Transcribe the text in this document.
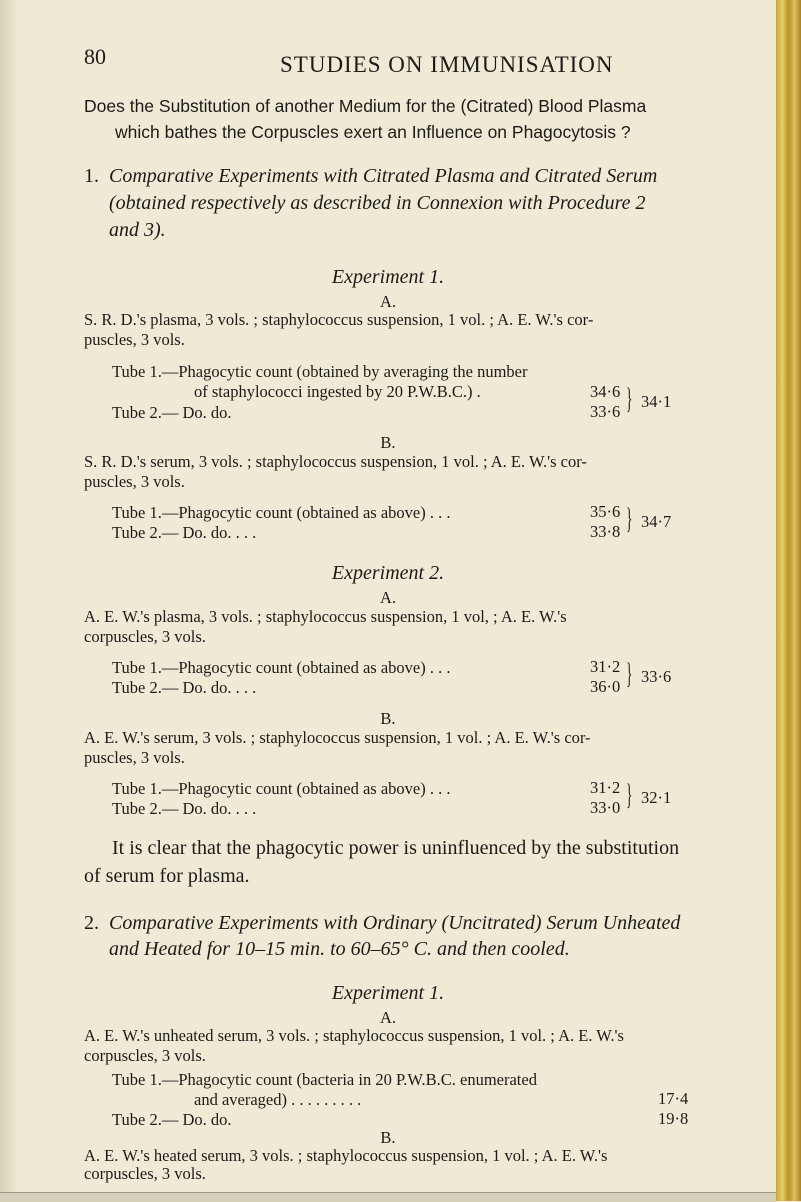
80	STUDIES ON IMMUNISATION
Does the Substitution of another Medium for the (Citrated) Blood Plasma
which bathes the Corpuscles exert an Influence on Phagocytosis ?
1. Comparative Experiments with Citrated Plasma and Citrated Serum
(obtained respectively as described in Connexion with Procedure 2
and 3).
Experiment 1.
A.
S. R. D.'s plasma, 3 vols. ; staphylococcus suspension, 1 vol. ; A. E. W.'s cor-
puscles, 3 vols.
Tube 1.—Phagocytic count (obtained by averaging the number
of staphylococci ingested by 20 P.W.B.C.) .
Tube 2.— Do. do.
34·6
33·6 } 34·1
B.
S. R. D.'s serum, 3 vols. ; staphylococcus suspension, 1 vol. ; A. E. W.'s cor-
puscles, 3 vols.
Tube 1.—Phagocytic count (obtained as above) . . .
Tube 2.— Do. do. . . .
35·6
33·8 } 34·7
Experiment 2.
A.
A. E. W.'s plasma, 3 vols. ; staphylococcus suspension, 1 vol, ; A. E. W.'s
corpuscles, 3 vols.
Tube 1.—Phagocytic count (obtained as above) . . .
Tube 2.— Do. do. . . .
31·2
36·0 } 33·6
B.
A. E. W.'s serum, 3 vols. ; staphylococcus suspension, 1 vol. ; A. E. W.'s cor-
puscles, 3 vols.
Tube 1.—Phagocytic count (obtained as above) . . .
Tube 2.— Do. do. . . .
31·2
33·0 } 32·1
It is clear that the phagocytic power is uninfluenced by the substitution
of serum for plasma.
2. Comparative Experiments with Ordinary (Uncitrated) Serum Unheated
and Heated for 10–15 min. to 60–65° C. and then cooled.
Experiment 1.
A.
A. E. W.'s unheated serum, 3 vols. ; staphylococcus suspension, 1 vol. ; A. E. W.'s
corpuscles, 3 vols.
Tube 1.—Phagocytic count (bacteria in 20 P.W.B.C. enumerated
and averaged) . . . . . . . . .
Tube 2.— Do. do.
17·4
19·8
B.
A. E. W.'s heated serum, 3 vols. ; staphylococcus suspension, 1 vol. ; A. E. W.'s
corpuscles, 3 vols.
